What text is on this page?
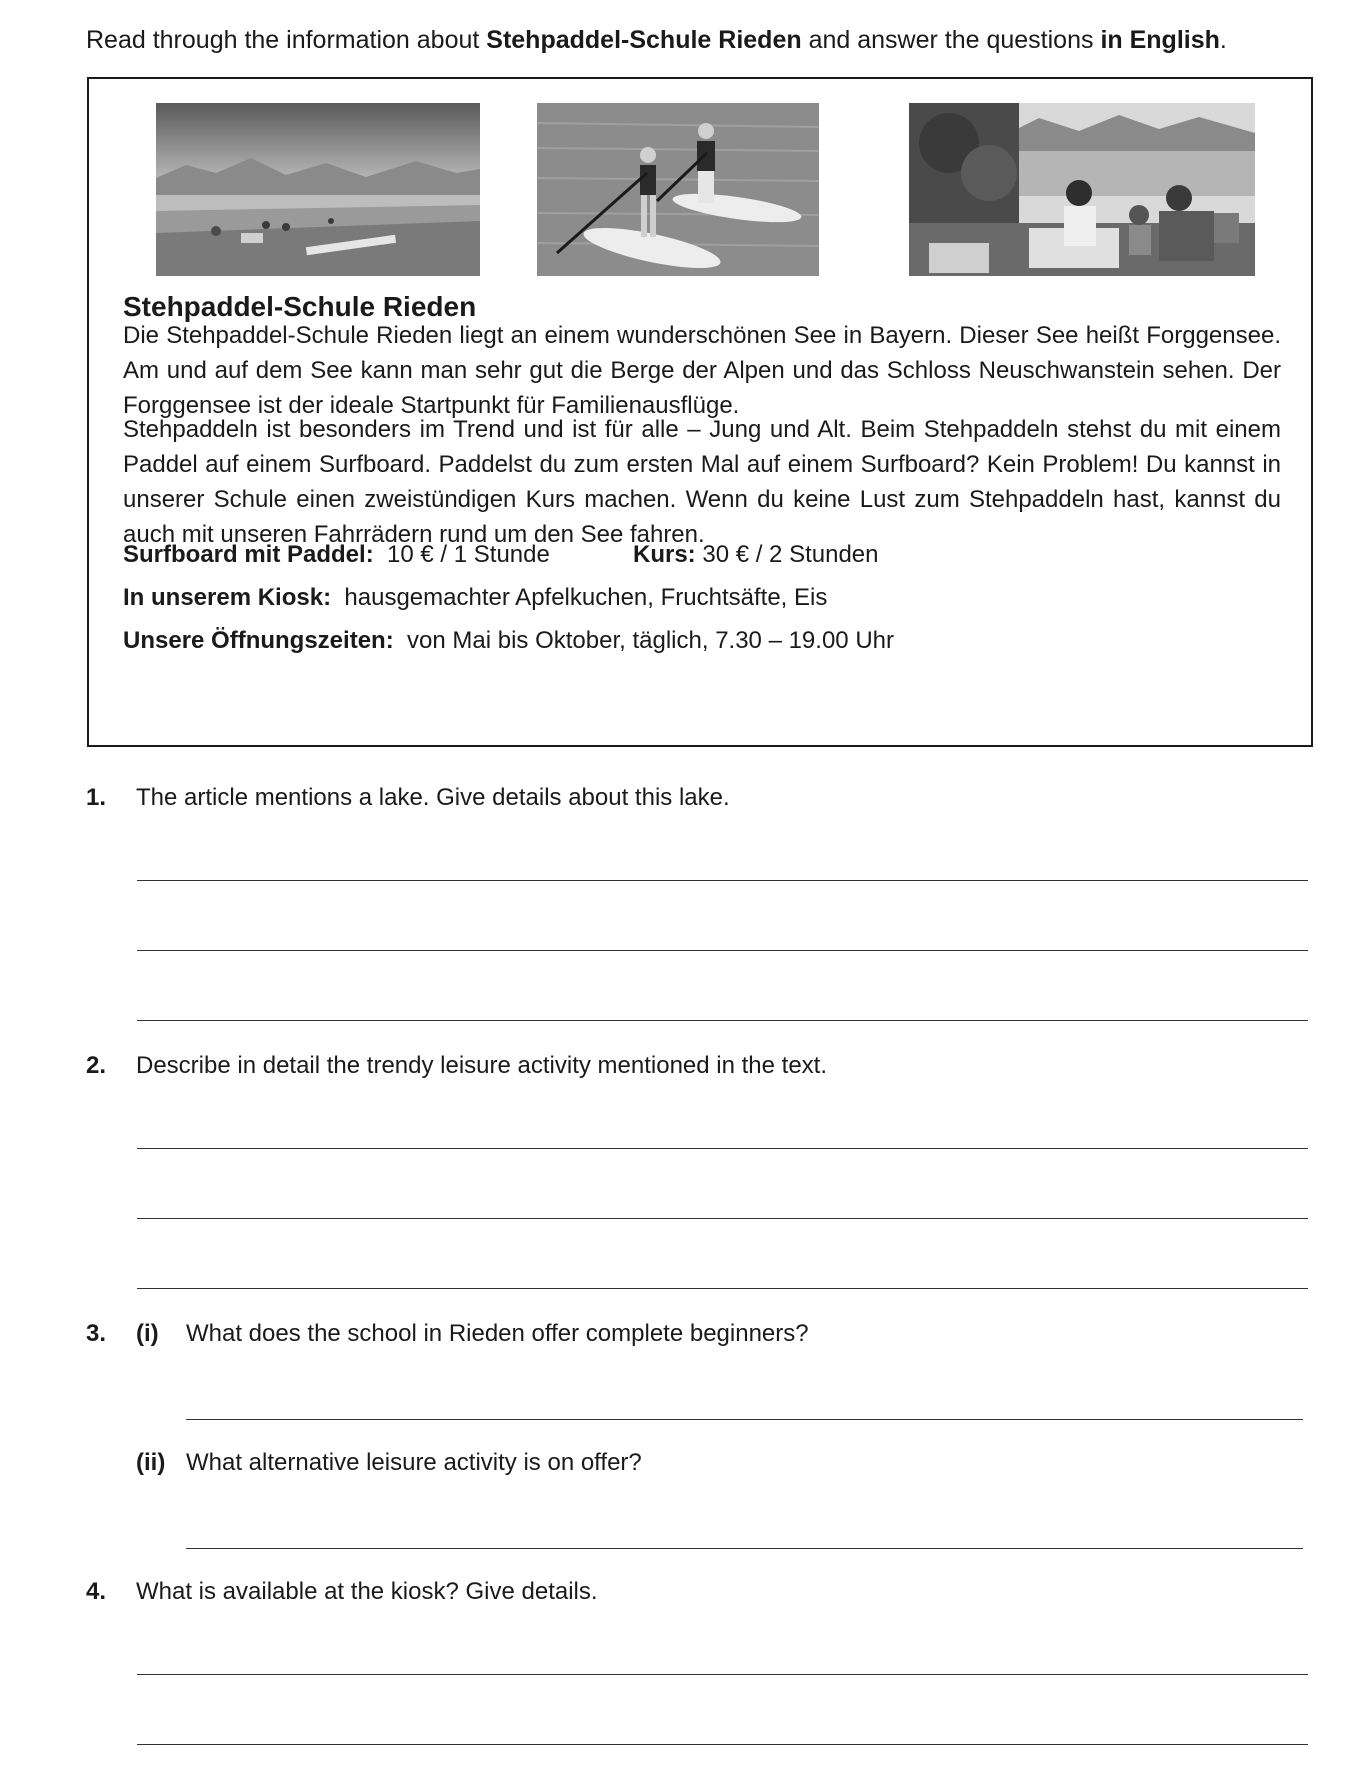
Read through the information about Stehpaddel-Schule Rieden and answer the questions in English.
Stehpaddel-Schule Rieden

Die Stehpaddel-Schule Rieden liegt an einem wunderschönen See in Bayern. Dieser See heißt Forggensee. Am und auf dem See kann man sehr gut die Berge der Alpen und das Schloss Neuschwanstein sehen. Der Forggensee ist der ideale Startpunkt für Familienausflüge.

Stehpaddeln ist besonders im Trend und ist für alle – Jung und Alt. Beim Stehpaddeln stehst du mit einem Paddel auf einem Surfboard. Paddelst du zum ersten Mal auf einem Surfboard? Kein Problem! Du kannst in unserer Schule einen zweistündigen Kurs machen. Wenn du keine Lust zum Stehpaddeln hast, kannst du auch mit unseren Fahrrädern rund um den See fahren.

Surfboard mit Paddel: 10 € / 1 Stunde	Kurs: 30 € / 2 Stunden
In unserem Kiosk: hausgemachter Apfelkuchen, Fruchtsäfte, Eis
Unsere Öffnungszeiten: von Mai bis Oktober, täglich, 7.30 – 19.00 Uhr
1. The article mentions a lake. Give details about this lake.
2. Describe in detail the trendy leisure activity mentioned in the text.
3. (i) What does the school in Rieden offer complete beginners?
(ii) What alternative leisure activity is on offer?
4. What is available at the kiosk? Give details.
